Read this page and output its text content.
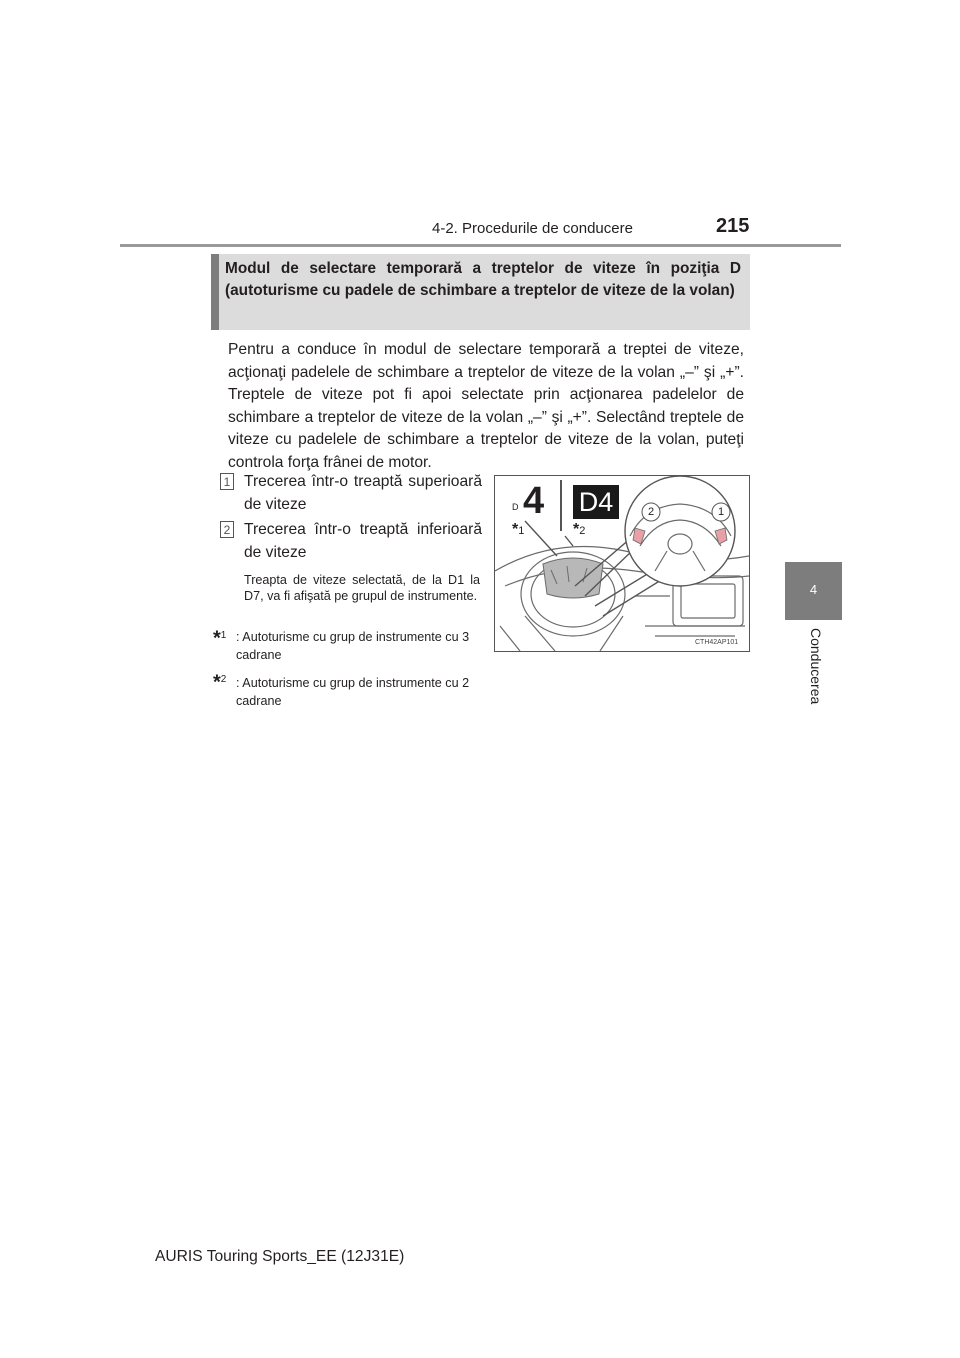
4-2. Procedurile de conducere	215
4
Conducerea
Modul de selectare temporară a treptelor de viteze în poziţia D (autoturisme cu padele de schimbare a treptelor de viteze de la volan)
Pentru a conduce în modul de selectare temporară a treptei de viteze, acţionaţi padelele de schimbare a treptelor de viteze de la volan „–” şi „+”. Treptele de viteze pot fi apoi selectate prin acţionarea padelelor de schimbare a treptelor de viteze de la volan „–” şi „+”. Selectând treptele de viteze cu padelele de schimbare a treptelor de viteze de la volan, puteţi controla forţa frânei de motor.
1 Trecerea într-o treaptă superioară de viteze
2 Trecerea într-o treaptă inferioară de viteze
Treapta de viteze selectată, de la D1 la D7, va fi afişată pe grupul de instrumente.
*$^1$ : Autoturisme cu grup de instrumente cu 3 cadrane
*$^2$ : Autoturisme cu grup de instrumente cu 2 cadrane
D 4 D4
*1	*2
2	1
CTH42AP101
AURIS Touring Sports_EE (12J31E)
